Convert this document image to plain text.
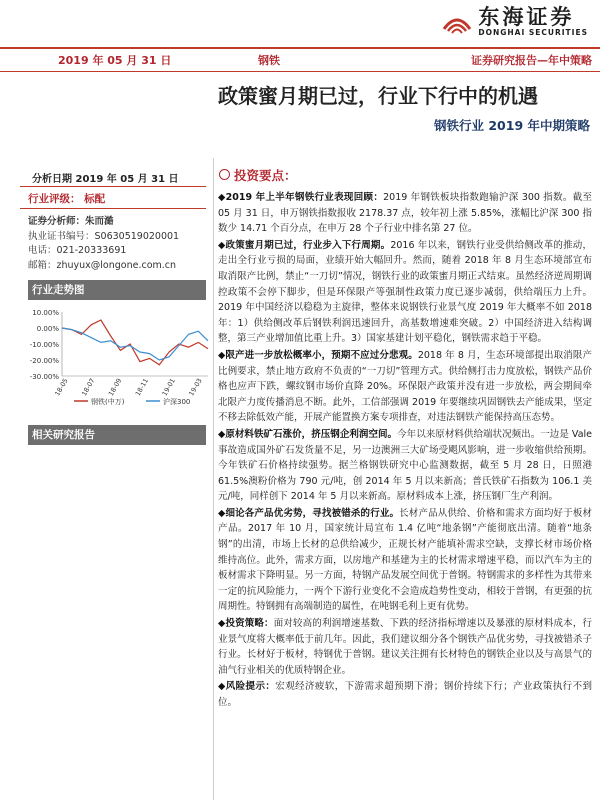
东海证券
DONGHAI SECURITIES
2019 年 05 月 31 日	钢铁	证券研究报告—年中策略
政策蜜月期已过，行业下行中的机遇
钢铁行业 2019 年中期策略
分析日期 2019 年 05 月 31 日
行业评级： 标配
证券分析师：朱而澔
执业证书编号：S0630519020001
电话：021-20333691
邮箱：zhuyux@longone.com.cn
行业走势图
10.00%
0.00%
-10.00%
-20.00%
-30.00%
18-05 18-07 18-09 18-11 19-01 19-03
钢铁(中万)	沪深300
相关研究报告
投资要点：

◆2019 年上半年钢铁行业表现回顾：2019 年钢铁板块指数跑输沪深 300 指数。截至 05 月 31 日，申万钢铁指数报收 2178.37 点，较年初上涨 5.85%，涨幅比沪深 300 指数少 14.71 个百分点，在申万 28 个子行业中排名第 27 位。

◆政策蜜月期已过，行业步入下行周期。2016 年以来，钢铁行业受供给侧改革的推动，走出全行业亏损的局面，业绩开始大幅回升。然而，随着 2018 年 8 月生态环境部宣布取消限产比例，禁止“一刀切”情况，钢铁行业的政策蜜月期正式结束。虽然经济逆周期调控政策不会停下脚步，但是环保限产等强制性政策力度已逐步减弱，供给端压力上升。2019 年中国经济以稳稳为主旋律，整体来说钢铁行业景气度 2019 年大概率不如 2018 年：1）供给侧改革后钢铁利润迅速回升，高基数增速难突破。2）中国经济进入结构调整，第三产业增加值比重上升。3）国家基建计划平稳化，钢铁需求趋于平稳。

◆限产进一步放松概率小，预期不应过分悲观。2018 年 8 月，生态环境部提出取消限产比例要求，禁止地方政府不负责的“一刀切”管理方式。供给侧打击力度放松，钢铁产品价格也应声下跌，螺纹钢市场价直降 20%。环保限产政策并没有进一步放松，两会期间牵北限产力度传播消息不断。此外，工信部强调 2019 年要继续巩固钢铁去产能成果，坚定不移去除低效产能，开展产能置换方案专项排查，对违法钢铁产能保持高压态势。

◆原材料铁矿石涨价，挤压钢企利润空间。今年以来原材料供给端状况频出。一边是 Vale 事故造成国外矿石发货量不足，另一边澳洲三大矿场受飓风影响，进一步收缩供给预期。今年铁矿石价格持续强势。据兰格钢铁研究中心监测数据，截至 5 月 28 日，日照港 61.5%澳粉价格为 790 元/吨，创 2014 年 5 月以来新高；普氏铁矿石指数为 106.1 美元/吨，同样创下 2014 年 5 月以来新高。原材料成本上涨，挤压钢厂生产利润。

◆细论各产品优劣势，寻找被错杀的行业。长材产品从供给、价格和需求方面均好于板材产品。2017 年 10 月，国家统计局宣布 1.4 亿吨“地条钢”产能彻底出清。随着“地条钢”的出清，市场上长材的总供给减少，正规长材产能填补需求空缺，支撑长材市场价格维持高位。此外，需求方面，以房地产和基建为主的长材需求增速平稳，而以汽车为主的板材需求下降明显。另一方面，特钢产品发展空间优于普钢。特钢需求的多样性为其带来一定的抗风险能力，一两个下游行业变化不会造成趋势性变动，相较于普钢，有更强的抗周期性。特钢拥有高端制造的属性，在吨钢毛利上更有优势。

◆投资策略：面对较高的利润增速基数、下跌的经济指标增速以及暴涨的原材料成本，行业景气度将大概率低于前几年。因此，我们建议细分各个钢铁产品优劣势，寻找被错杀子行业。长材好于板材，特钢优于普钢。建议关注拥有长材特色的钢铁企业以及与高景气的油气行业相关的优质特钢企业。

◆风险提示：宏观经济疲软，下游需求超预期下滑；钢价持续下行；产业政策执行不到位。
